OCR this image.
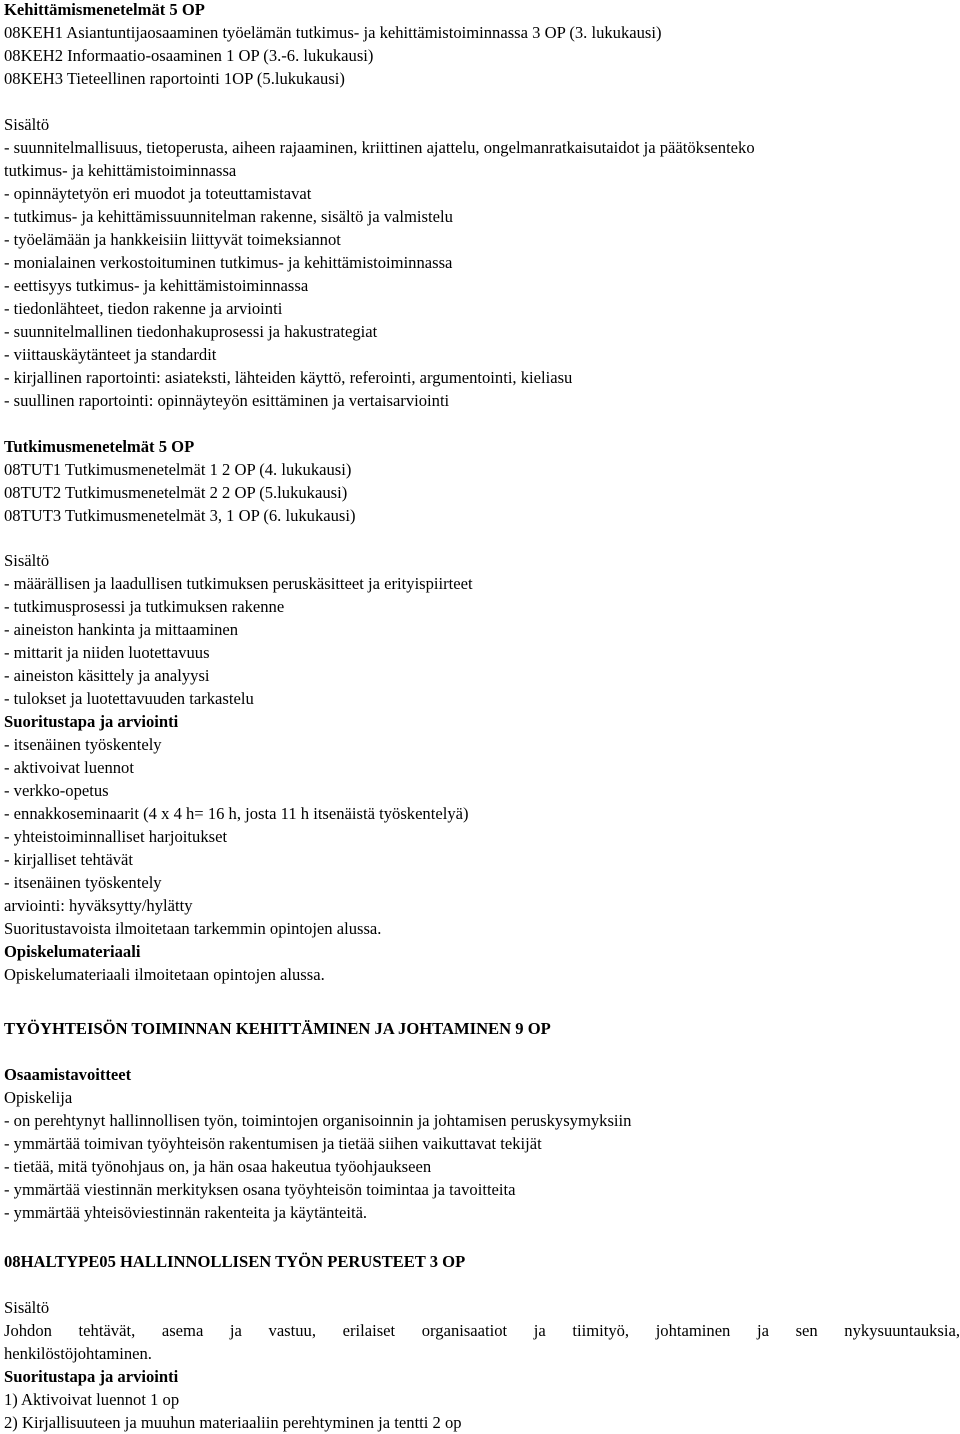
Kehittämismenetelmät 5 OP
08KEH1 Asiantuntijaosaaminen työelämän tutkimus- ja kehittämistoiminnassa 3 OP (3. lukukausi)
08KEH2 Informaatio-osaaminen 1 OP (3.-6. lukukausi)
08KEH3 Tieteellinen raportointi 1OP (5.lukukausi)
Sisältö
- suunnitelmallisuus, tietoperusta, aiheen rajaaminen, kriittinen ajattelu, ongelmanratkaisutaidot ja päätöksenteko
tutkimus- ja kehittämistoiminnassa
- opinnäytetyön eri muodot ja toteuttamistavat
- tutkimus- ja kehittämissuunnitelman rakenne, sisältö ja valmistelu
- työelämään ja hankkeisiin liittyvät toimeksiannot
- monialainen verkostoituminen tutkimus- ja kehittämistoiminnassa
- eettisyys tutkimus- ja kehittämistoiminnassa
- tiedonlähteet, tiedon rakenne ja arviointi
- suunnitelmallinen tiedonhakuprosessi ja hakustrategiat
- viittauskäytänteet ja standardit
- kirjallinen raportointi: asiateksti, lähteiden käyttö, referointi, argumentointi, kieliasu
- suullinen raportointi: opinnäyteyön esittäminen ja vertaisarviointi
Tutkimusmenetelmät 5 OP
08TUT1 Tutkimusmenetelmät 1 2 OP (4. lukukausi)
08TUT2 Tutkimusmenetelmät 2 2 OP (5.lukukausi)
08TUT3 Tutkimusmenetelmät 3, 1 OP (6. lukukausi)
Sisältö
- määrällisen ja laadullisen tutkimuksen peruskäsitteet ja erityispiirteet
- tutkimusprosessi ja tutkimuksen rakenne
- aineiston hankinta ja mittaaminen
- mittarit ja niiden luotettavuus
- aineiston käsittely ja analyysi
- tulokset ja luotettavuuden tarkastelu
Suoritustapa ja arviointi
- itsenäinen työskentely
- aktivoivat luennot
- verkko-opetus
- ennakkoseminaarit (4 x 4 h= 16 h, josta 11 h itsenäistä työskentelyä)
- yhteistoiminnalliset harjoitukset
- kirjalliset tehtävät
- itsenäinen työskentely
arviointi: hyväksytty/hylätty
Suoritustavoista ilmoitetaan tarkemmin opintojen alussa.
Opiskelumateriaali
Opiskelumateriaali ilmoitetaan opintojen alussa.
TYÖYHTEISÖN TOIMINNAN KEHITTÄMINEN JA JOHTAMINEN 9 OP
Osaamistavoitteet
Opiskelija
- on perehtynyt hallinnollisen työn, toimintojen organisoinnin ja johtamisen peruskysymyksiin
- ymmärtää toimivan työyhteisön rakentumisen ja tietää siihen vaikuttavat tekijät
- tietää, mitä työnohjaus on, ja hän osaa hakeutua työohjaukseen
- ymmärtää viestinnän merkityksen osana työyhteisön toimintaa ja tavoitteita
- ymmärtää yhteisöviestinnän rakenteita ja käytänteitä.
08HALTYPE05 HALLINNOLLISEN TYÖN PERUSTEET 3 OP
Sisältö
Johdon tehtävät, asema ja vastuu, erilaiset organisaatiot ja tiimityö, johtaminen ja sen nykysuuntauksia,
henkilöstöjohtaminen.
Suoritustapa ja arviointi
1) Aktivoivat luennot 1 op
2) Kirjallisuuteen ja muuhun materiaaliin perehtyminen ja tentti 2 op
